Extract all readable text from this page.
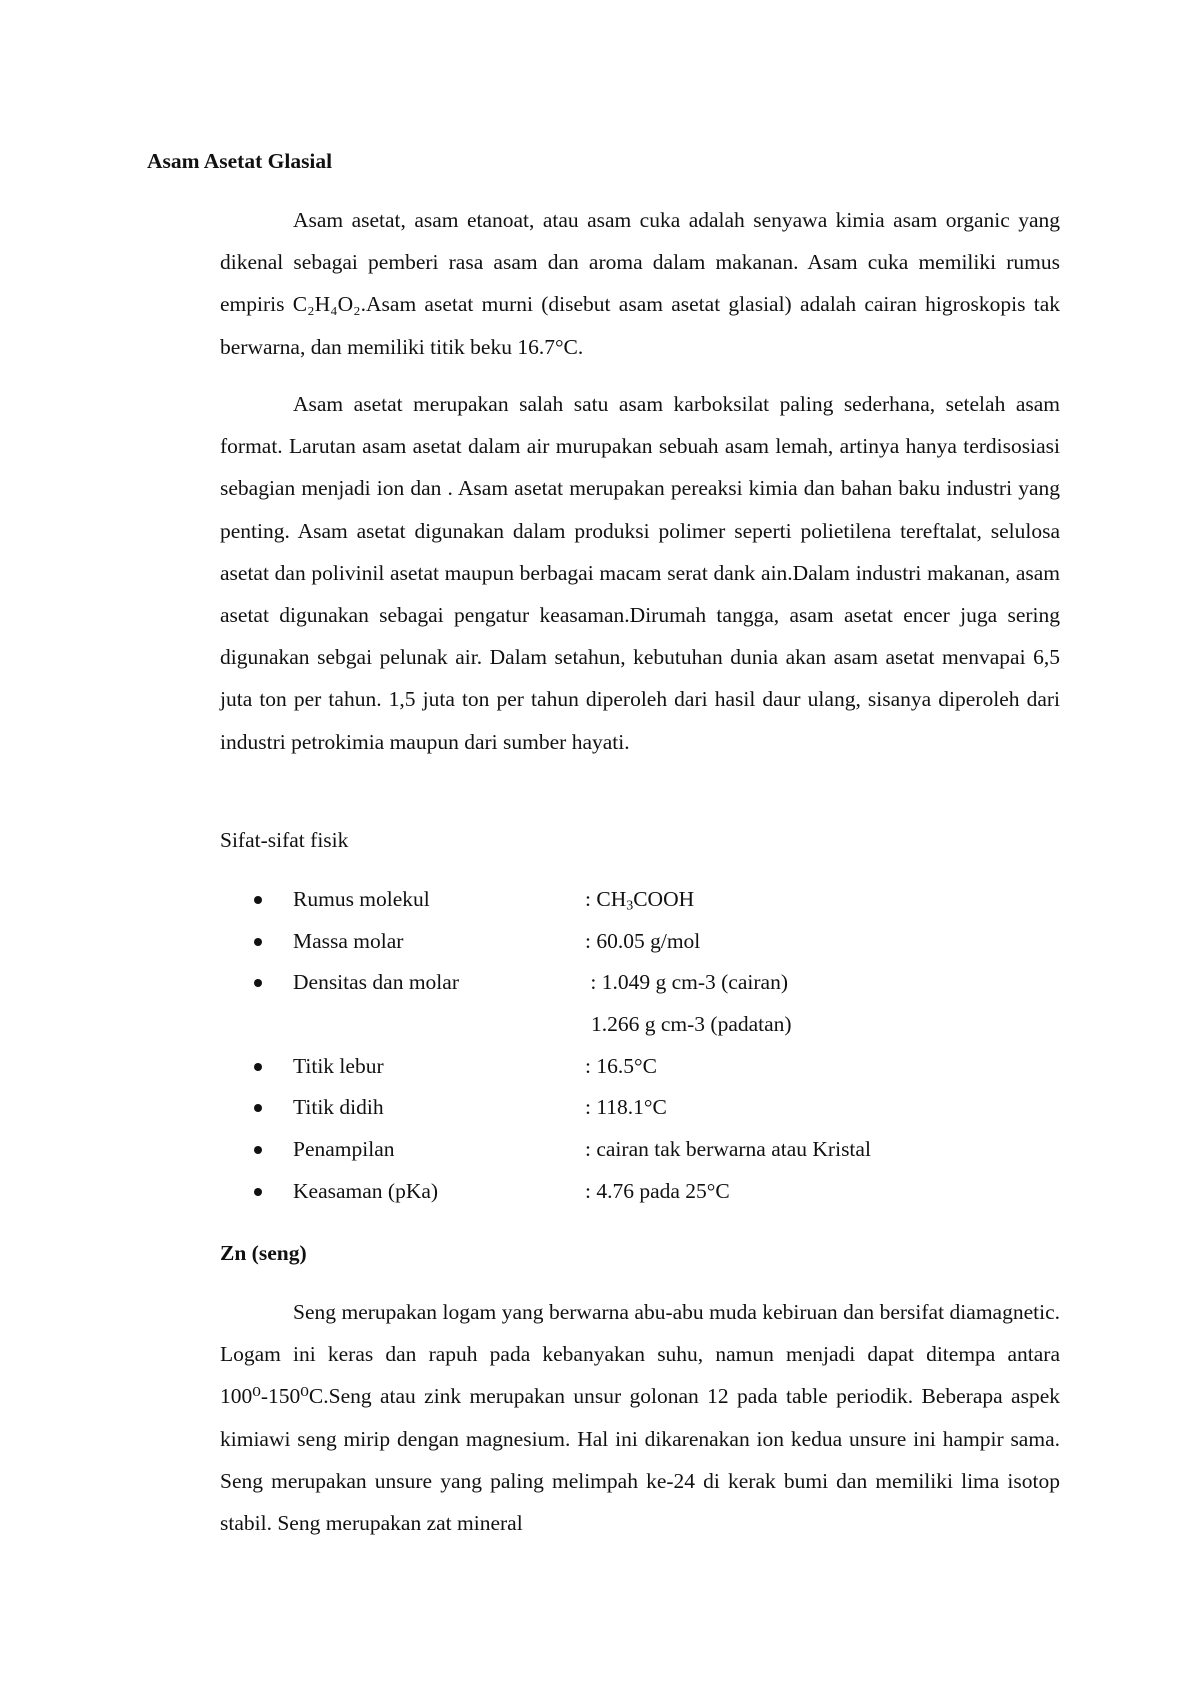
Asam Asetat Glasial

Asam asetat, asam etanoat, atau asam cuka adalah senyawa kimia asam organic yang dikenal sebagai pemberi rasa asam dan aroma dalam makanan. Asam cuka memiliki rumus empiris C₂H₄O₂.Asam asetat murni (disebut asam asetat glasial) adalah cairan higroskopis tak berwarna, dan memiliki titik beku 16.7°C.

Asam asetat merupakan salah satu asam karboksilat paling sederhana, setelah asam format. Larutan asam asetat dalam air murupakan sebuah asam lemah, artinya hanya terdisosiasi sebagian menjadi ion dan . Asam asetat merupakan pereaksi kimia dan bahan baku industri yang penting. Asam asetat digunakan dalam produksi polimer seperti polietilena tereftalat, selulosa asetat dan polivinil asetat maupun berbagai macam serat dank ain.Dalam industri makanan, asam asetat digunakan sebagai pengatur keasaman.Dirumah tangga, asam asetat encer juga sering digunakan sebgai pelunak air. Dalam setahun, kebutuhan dunia akan asam asetat menvapai 6,5 juta ton per tahun. 1,5 juta ton per tahun diperoleh dari hasil daur ulang, sisanya diperoleh dari industri petrokimia maupun dari sumber hayati.

Sifat-sifat fisik

Rumus molekul	: $CH_3COOH$
Massa molar	: 60.05 g/mol
Densitas dan molar	: 1.049 g cm-3 (cairan)
1.266 g cm-3 (padatan)
Titik lebur	: 16.5°C
Titik didih	: 118.1°C
Penampilan	: cairan tak berwarna atau Kristal
Keasaman (pKa)	: 4.76 pada 25°C
Zn (seng)

Seng merupakan logam yang berwarna abu-abu muda kebiruan dan bersifat diamagnetic. Logam ini keras dan rapuh pada kebanyakan suhu, namun menjadi dapat ditempa antara 100⁰-150⁰C.Seng atau zink merupakan unsur golonan 12 pada table periodik. Beberapa aspek kimiawi seng mirip dengan magnesium. Hal ini dikarenakan ion kedua unsure ini hampir sama. Seng merupakan unsure yang paling melimpah ke-24 di kerak bumi dan memiliki lima isotop stabil. Seng merupakan zat mineral
